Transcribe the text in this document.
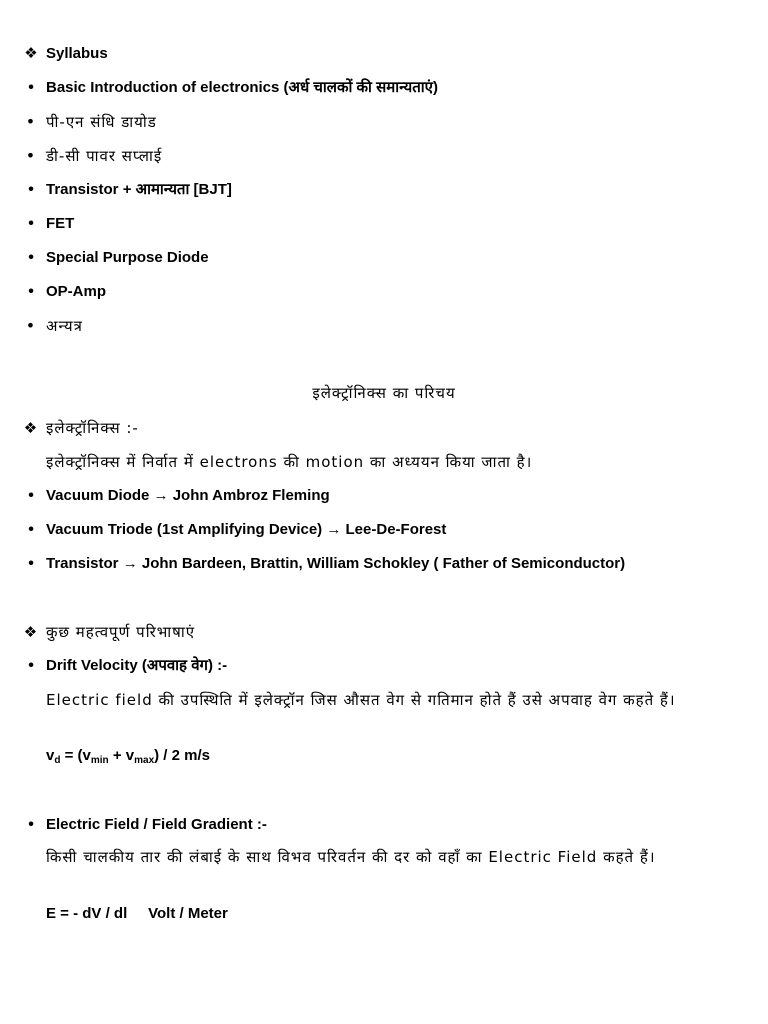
❖ Syllabus
•
Basic Introduction of electronics (अर्ध चालकों की समान्यताएं)
•
पी-एन संधि डायोड
•
डी-सी पावर सप्लाई
•
Transistor + आमान्यता [BJT]
•
FET
•
Special Purpose Diode
•
OP-Amp
•
अन्यत्र
इलेक्ट्रॉनिक्स का परिचय
❖ इलेक्ट्रॉनिक्स :-
इलेक्ट्रॉनिक्स में निर्वात में electrons की motion का अध्ययन किया जाता है।
•
Vacuum Diode → John Ambroz Fleming
•
Vacuum Triode (1st Amplifying Device) → Lee-De-Forest
•
Transistor → John Bardeen, Brattin, William Schokley ( Father of Semiconductor)
❖ कुछ महत्वपूर्ण परिभाषाएं
•
Drift Velocity (अपवाह वेग) :-
Electric field की उपस्थिति में इलेक्ट्रॉन जिस औसत वेग से गतिमान होते हैं उसे अपवाह वेग कहते हैं।
$v_d = (v_{min} + v_{max}) / 2$ m/s
•
Electric Field / Field Gradient :-
किसी चालकीय तार की लंबाई के साथ विभव परिवर्तन की दर को वहाँ का Electric Field कहते हैं।
E = - dV / dl     Volt / Meter
